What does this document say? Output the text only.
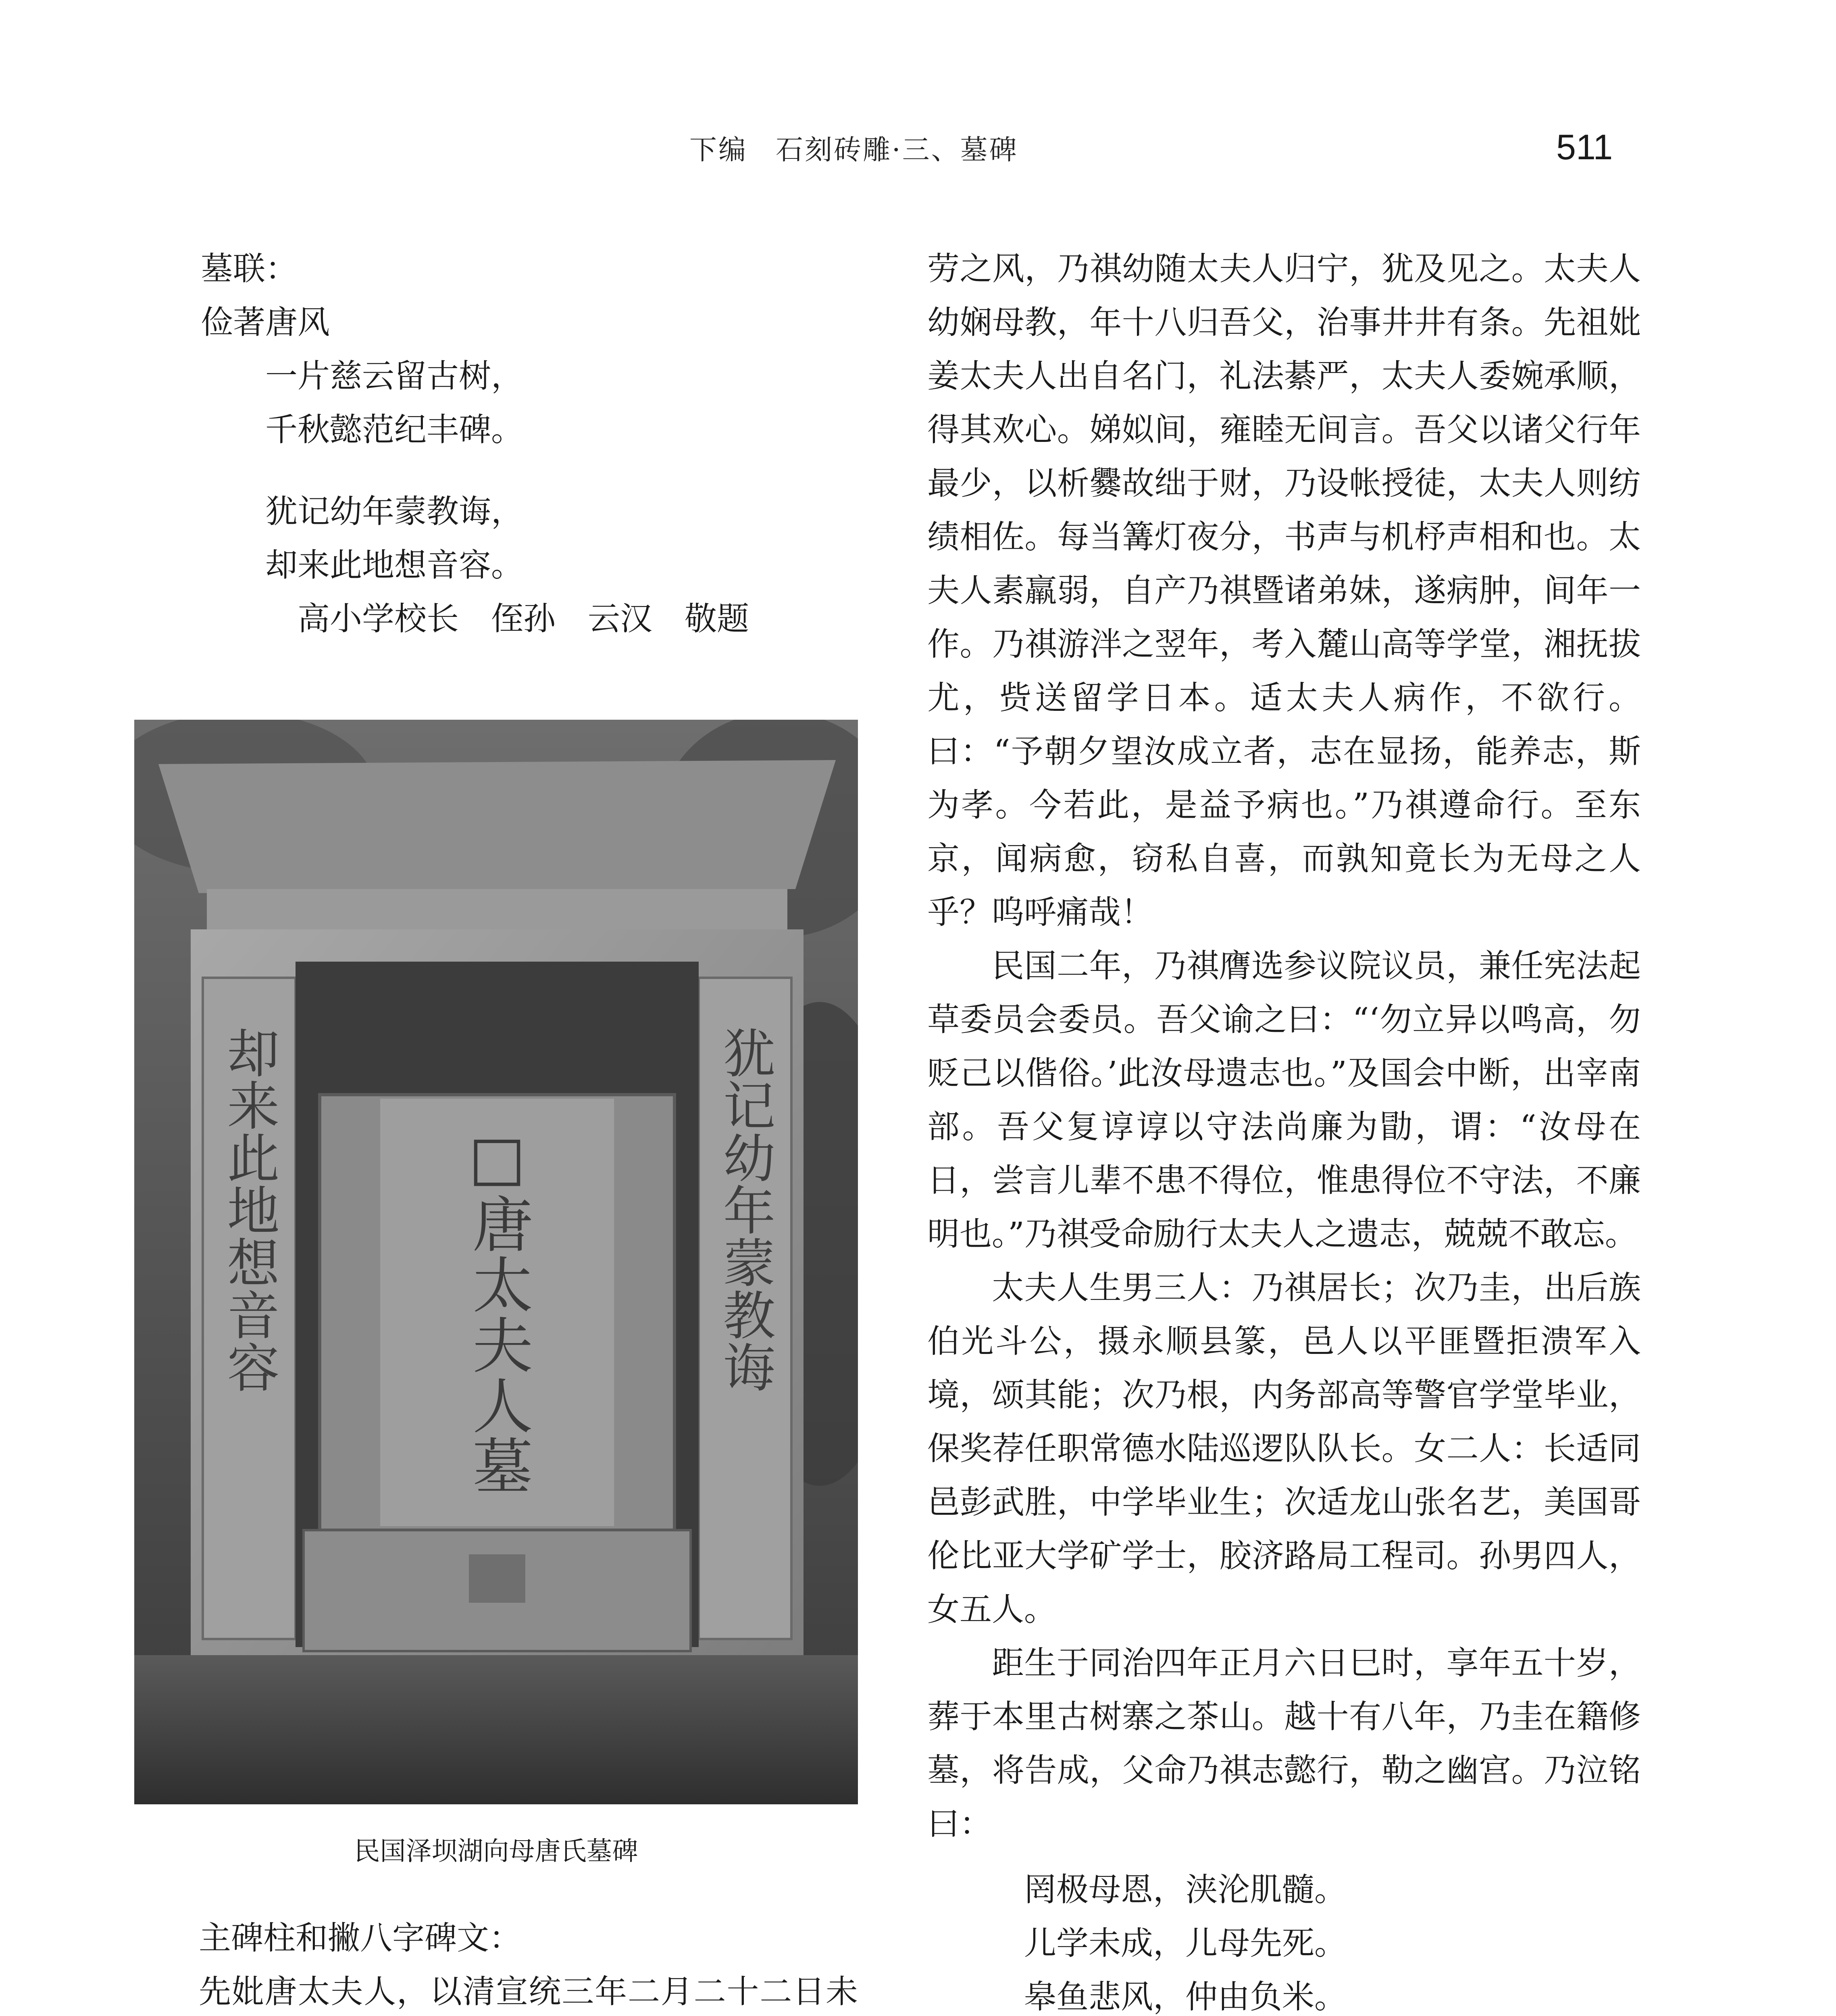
下编 石刻砖雕·三、墓碑	511

墓联：

俭著唐风

一片慈云留古树，

千秋懿范纪丰碑。

犹记幼年蒙教诲，

却来此地想音容。

高小学校长　侄孙　云汉　敬题

□唐太夫人墓
却来此地想音容	犹记幼年蒙教诲
民国泽坝湖向母唐氏墓碑

主碑柱和撇八字碑文：

先妣唐太夫人，以清宣统三年二月二十二日未

劳之风，乃祺幼随太夫人归宁，犹及见之。太夫人幼娴母教，年十八归吾父，治事井井有条。先祖妣姜太夫人出自名门，礼法綦严，太夫人委婉承顺，得其欢心。娣姒间，雍睦无间言。吾父以诸父行年最少，以析爨故绌于财，乃设帐授徒，太夫人则纺绩相佐。每当篝灯夜分，书声与机杼声相和也。太夫人素羸弱，自产乃祺暨诸弟妹，遂病肿，间年一作。乃祺游泮之翌年，考入麓山高等学堂，湘抚拔尤，赀送留学日本。适太夫人病作，不欲行。曰：“予朝夕望汝成立者，志在显扬，能养志，斯为孝。今若此，是益予病也。”乃祺遵命行。至东京，闻病愈，窃私自喜，而孰知竟长为无母之人乎？呜呼痛哉！

民国二年，乃祺膺选参议院议员，兼任宪法起草委员会委员。吾父谕之曰：“‘勿立异以鸣高，勿贬己以偕俗。’此汝母遗志也。”及国会中断，出宰南部。吾父复谆谆以守法尚廉为勖，谓：“汝母在日，尝言儿辈不患不得位，惟患得位不守法，不廉明也。”乃祺受命励行太夫人之遗志，兢兢不敢忘。

太夫人生男三人：乃祺居长；次乃圭，出后族伯光斗公，摄永顺县篆，邑人以平匪暨拒溃军入境，颂其能；次乃根，内务部高等警官学堂毕业，保奖荐任职常德水陆巡逻队队长。女二人：长适同邑彭武胜，中学毕业生；次适龙山张名艺，美国哥伦比亚大学矿学士，胶济路局工程司。孙男四人，女五人。

距生于同治四年正月六日巳时，享年五十岁，葬于本里古树寨之茶山。越十有八年，乃圭在籍修墓，将告成，父命乃祺志懿行，勒之幽宫。乃泣铭曰：

罔极母恩，浃沦肌髓。

儿学未成，儿母先死。

皋鱼悲风，仲由负米。
